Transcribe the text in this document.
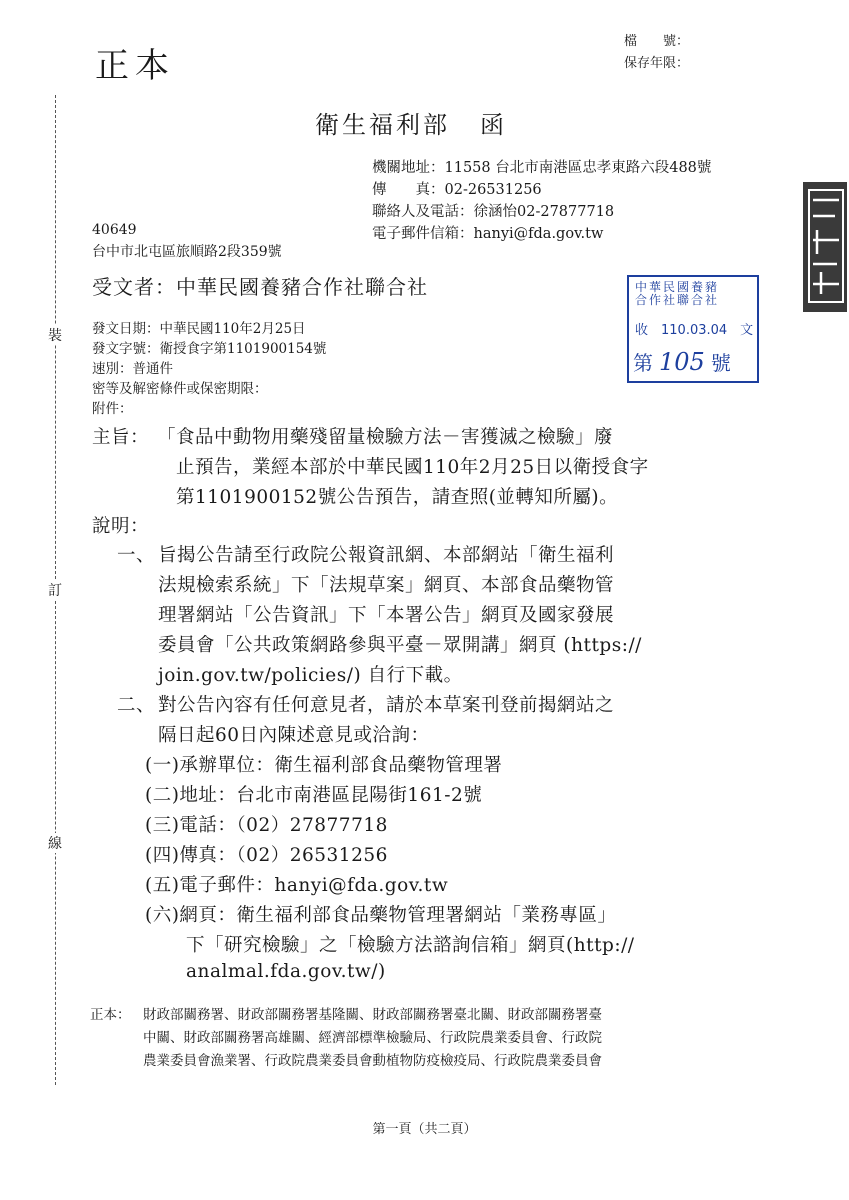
裝
訂
線
正本
檔　　號：
保存年限：
衛生福利部 函
機關地址：11558 台北市南港區忠孝東路六段488號
傳　　真：02-26531256
聯絡人及電話：徐涵怡02-27877718
電子郵件信箱：hanyi@fda.gov.tw
40649
台中市北屯區旅順路2段359號
受文者：中華民國養豬合作社聯合社
發文日期：中華民國110年2月25日
發文字號：衛授食字第1101900154號
速別：普通件
密等及解密條件或保密期限：
附件：
中華民國養豬
合作社聯合社
收　110.03.04　文
第 105 號
主旨： 「食品中動物用藥殘留量檢驗方法－害獲滅之檢驗」廢
止預告，業經本部於中華民國110年2月25日以衛授食字
第1101900152號公告預告，請查照(並轉知所屬)。
說明：
一、 旨揭公告請至行政院公報資訊網、本部網站「衛生福利
法規檢索系統」下「法規草案」網頁、本部食品藥物管
理署網站「公告資訊」下「本署公告」網頁及國家發展
委員會「公共政策網路參與平臺－眾開講」網頁 (https://
join.gov.tw/policies/) 自行下載。
二、 對公告內容有任何意見者，請於本草案刊登前揭網站之
隔日起60日內陳述意見或洽詢：
(一)承辦單位：衛生福利部食品藥物管理署
(二)地址：台北市南港區昆陽街161-2號
(三)電話：（02）27877718
(四)傳真：（02）26531256
(五)電子郵件：hanyi@fda.gov.tw
(六)網頁：衛生福利部食品藥物管理署網站「業務專區」
下「研究檢驗」之「檢驗方法諮詢信箱」網頁(http://
analmal.fda.gov.tw/)
正本： 財政部關務署、財政部關務署基隆關、財政部關務署臺北關、財政部關務署臺
中關、財政部關務署高雄關、經濟部標準檢驗局、行政院農業委員會、行政院
農業委員會漁業署、行政院農業委員會動植物防疫檢疫局、行政院農業委員會
第一頁（共二頁）
